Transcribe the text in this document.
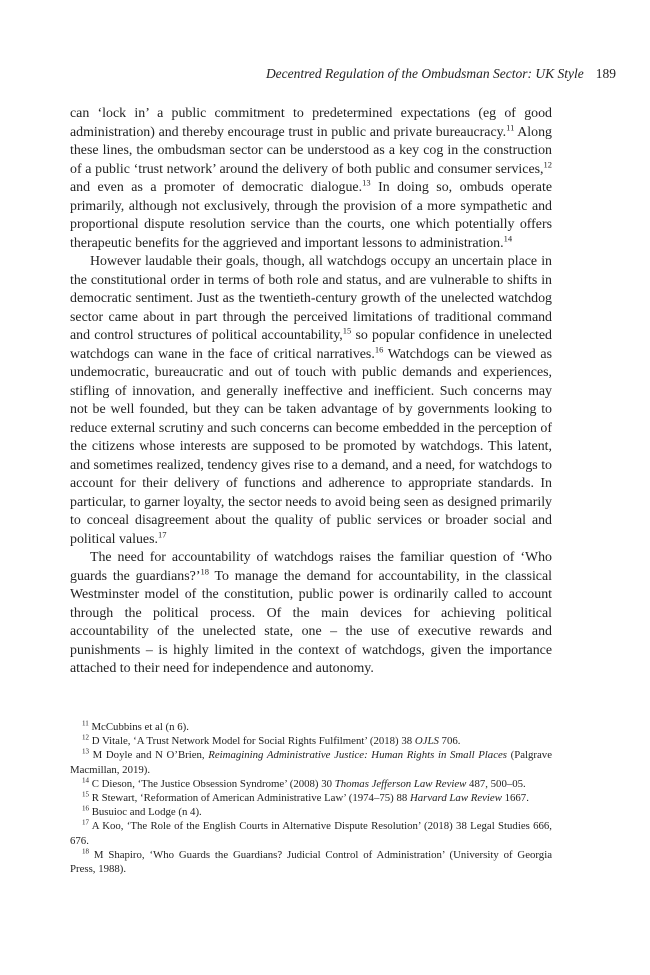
Decentred Regulation of the Ombudsman Sector: UK Style 189

can ‘lock in’ a public commitment to predetermined expectations (eg of good administration) and thereby encourage trust in public and private bureaucracy.$^{11}$ Along these lines, the ombudsman sector can be understood as a key cog in the construction of a public ‘trust network’ around the delivery of both public and consumer services,$^{12}$ and even as a promoter of democratic dialogue.$^{13}$ In doing so, ombuds operate primarily, although not exclusively, through the provision of a more sympathetic and proportional dispute resolution service than the courts, one which potentially offers therapeutic benefits for the aggrieved and important lessons to administration.$^{14}$

However laudable their goals, though, all watchdogs occupy an uncertain place in the constitutional order in terms of both role and status, and are vulnerable to shifts in democratic sentiment. Just as the twentieth-century growth of the unelected watchdog sector came about in part through the perceived limitations of traditional command and control structures of political accountability,$^{15}$ so popular confidence in unelected watchdogs can wane in the face of critical narratives.$^{16}$ Watchdogs can be viewed as undemocratic, bureaucratic and out of touch with public demands and experiences, stifling of innovation, and generally ineffective and inefficient. Such concerns may not be well founded, but they can be taken advantage of by governments looking to reduce external scrutiny and such concerns can become embedded in the perception of the citizens whose interests are supposed to be promoted by watchdogs. This latent, and sometimes realized, tendency gives rise to a demand, and a need, for watchdogs to account for their delivery of functions and adherence to appropriate standards. In particular, to garner loyalty, the sector needs to avoid being seen as designed primarily to conceal disagreement about the quality of public services or broader social and political values.$^{17}$

The need for accountability of watchdogs raises the familiar question of ‘Who guards the guardians?’$^{18}$ To manage the demand for accountability, in the classical Westminster model of the constitution, public power is ordinarily called to account through the political process. Of the main devices for achieving political accountability of the unelected state, one – the use of executive rewards and punishments – is highly limited in the context of watchdogs, given the importance attached to their need for independence and autonomy.

$^{11}$ McCubbins et al (n 6).
$^{12}$ D Vitale, ‘A Trust Network Model for Social Rights Fulfilment’ (2018) 38 OJLS 706.
$^{13}$ M Doyle and N O’Brien, Reimagining Administrative Justice: Human Rights in Small Places (Palgrave Macmillan, 2019).
$^{14}$ C Dieson, ‘The Justice Obsession Syndrome’ (2008) 30 Thomas Jefferson Law Review 487, 500–05.
$^{15}$ R Stewart, ‘Reformation of American Administrative Law’ (1974–75) 88 Harvard Law Review 1667.
$^{16}$ Busuioc and Lodge (n 4).
$^{17}$ A Koo, ‘The Role of the English Courts in Alternative Dispute Resolution’ (2018) 38 Legal Studies 666, 676.
$^{18}$ M Shapiro, ‘Who Guards the Guardians? Judicial Control of Administration’ (University of Georgia Press, 1988).
